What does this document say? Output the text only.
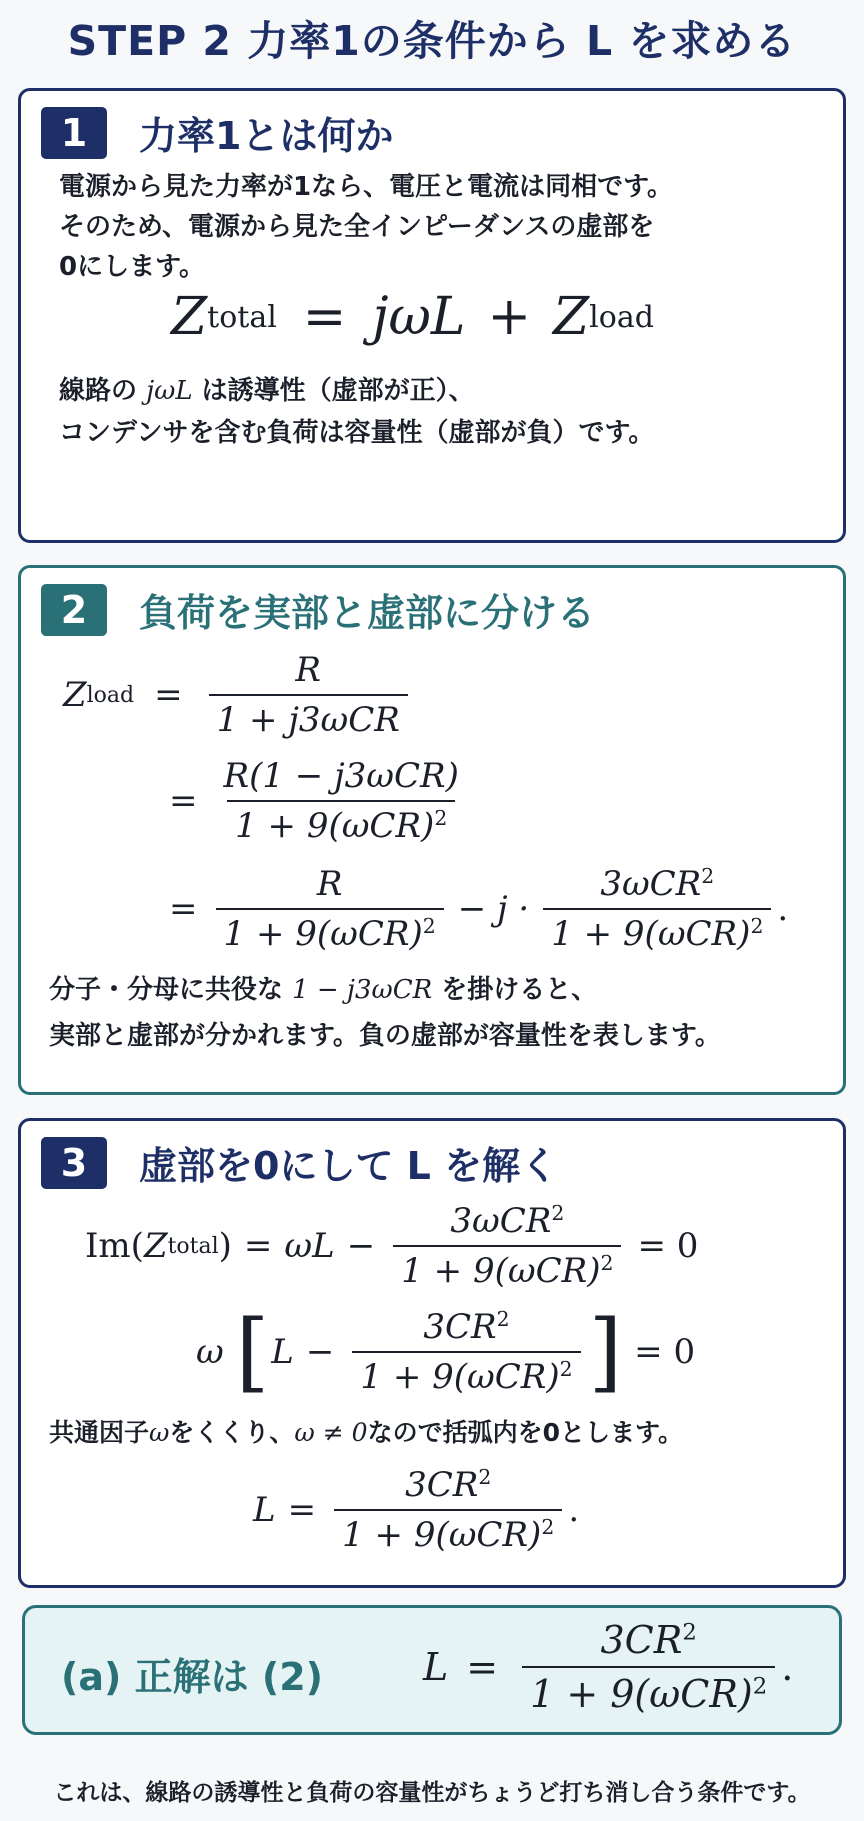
STEP 2 力率1の条件から L を求める
1	力率1とは何か
電源から見た力率が1なら、電圧と電流は同相です。
そのため、電源から見た全インピーダンスの虚部を
0にします。
Z total = jωL + Z load
線路の jωL は誘導性（虚部が正）、
コンデンサを含む負荷は容量性（虚部が負）です。
2	負荷を実部と虚部に分ける
Z load = $\frac{R}{\text{1 + j3ωCR}}$
= $\frac{\text{R(1 − j3ωCR)}}{1 + 9(\omega CR)^2}$
= $\frac{R}{1 + 9(\omega CR)^2} - j \cdot \frac{3\omega CR^2}{1 + 9(\omega CR)^2}$ .
分子・分母に共役な 1 − j3ωCR を掛けると、
実部と虚部が分かれます。負の虚部が容量性を表します。
3	虚部を0にして L を解く
Im( Z total ) = $\omega L - \frac{3\omega CR^2}{1 + 9(\omega CR)^2} = 0$
ω [ $L - \frac{3CR^2}{1 + 9(\omega CR)^2}$ ] = 0
共通因子ωをくくり、ω ≠ 0なので括弧内を0とします。
$L = \frac{3CR^2}{1 + 9(\omega CR)^2}$ .
(a) 正解は (2)	$L = \frac{3CR^2}{1 + 9(\omega CR)^2}$ .
これは、線路の誘導性と負荷の容量性がちょうど打ち消し合う条件です。
